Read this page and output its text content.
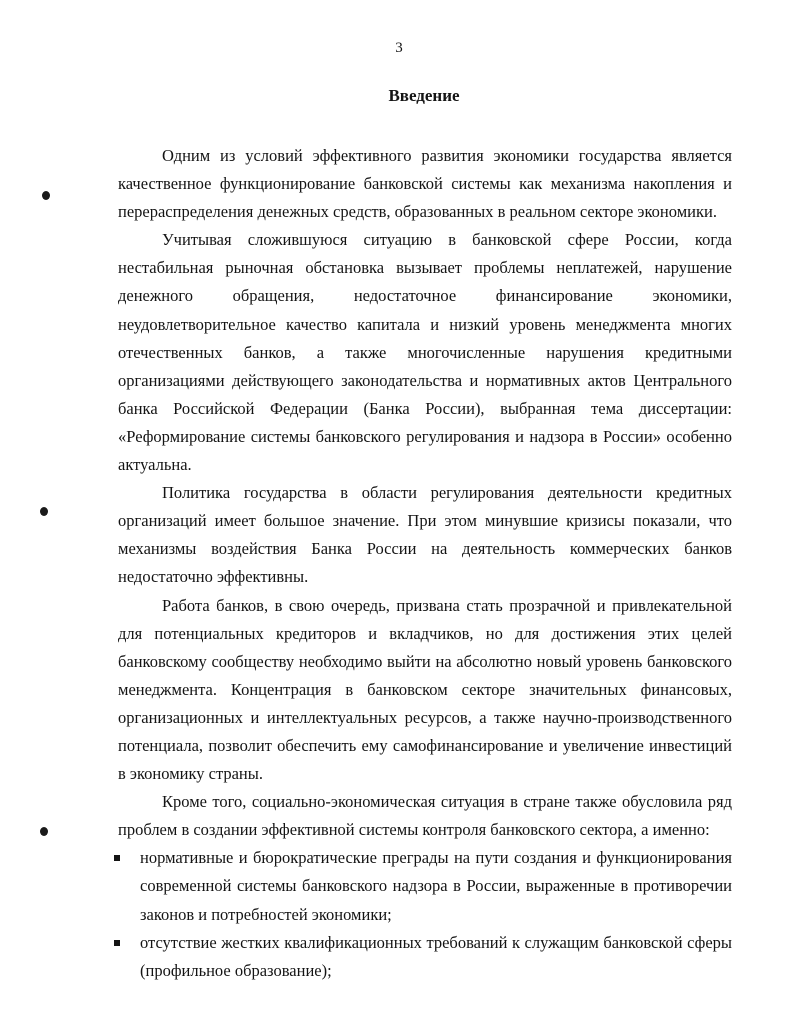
3
Введение

Одним из условий эффективного развития экономики государства является качественное функционирование банковской системы как механизма накопления и перераспределения денежных средств, образованных в реальном секторе экономики.

Учитывая сложившуюся ситуацию в банковской сфере России, когда нестабильная рыночная обстановка вызывает проблемы неплатежей, нарушение денежного обращения, недостаточное финансирование экономики, неудовлетворительное качество капитала и низкий уровень менеджмента многих отечественных банков, а также многочисленные нарушения кредитными организациями действующего законодательства и нормативных актов Центрального банка Российской Федерации (Банка России), выбранная тема диссертации: «Реформирование системы банковского регулирования и надзора в России» особенно актуальна.

Политика государства в области регулирования деятельности кредитных организаций имеет большое значение. При этом минувшие кризисы показали, что механизмы воздействия Банка России на деятельность коммерческих банков недостаточно эффективны.

Работа банков, в свою очередь, призвана стать прозрачной и привлекательной для потенциальных кредиторов и вкладчиков, но для достижения этих целей банковскому сообществу необходимо выйти на абсолютно новый уровень банковского менеджмента. Концентрация в банковском секторе значительных финансовых, организационных и интеллектуальных ресурсов, а также научно-производственного потенциала, позволит обеспечить ему самофинансирование и увеличение инвестиций в экономику страны.

Кроме того, социально-экономическая ситуация в стране также обусловила ряд проблем в создании эффективной системы контроля банковского сектора, а именно:

нормативные и бюрократические преграды на пути создания и функционирования современной системы банковского надзора в России, выраженные в противоречии законов и потребностей экономики;
отсутствие жестких квалификационных требований к служащим банковской сферы (профильное образование);
